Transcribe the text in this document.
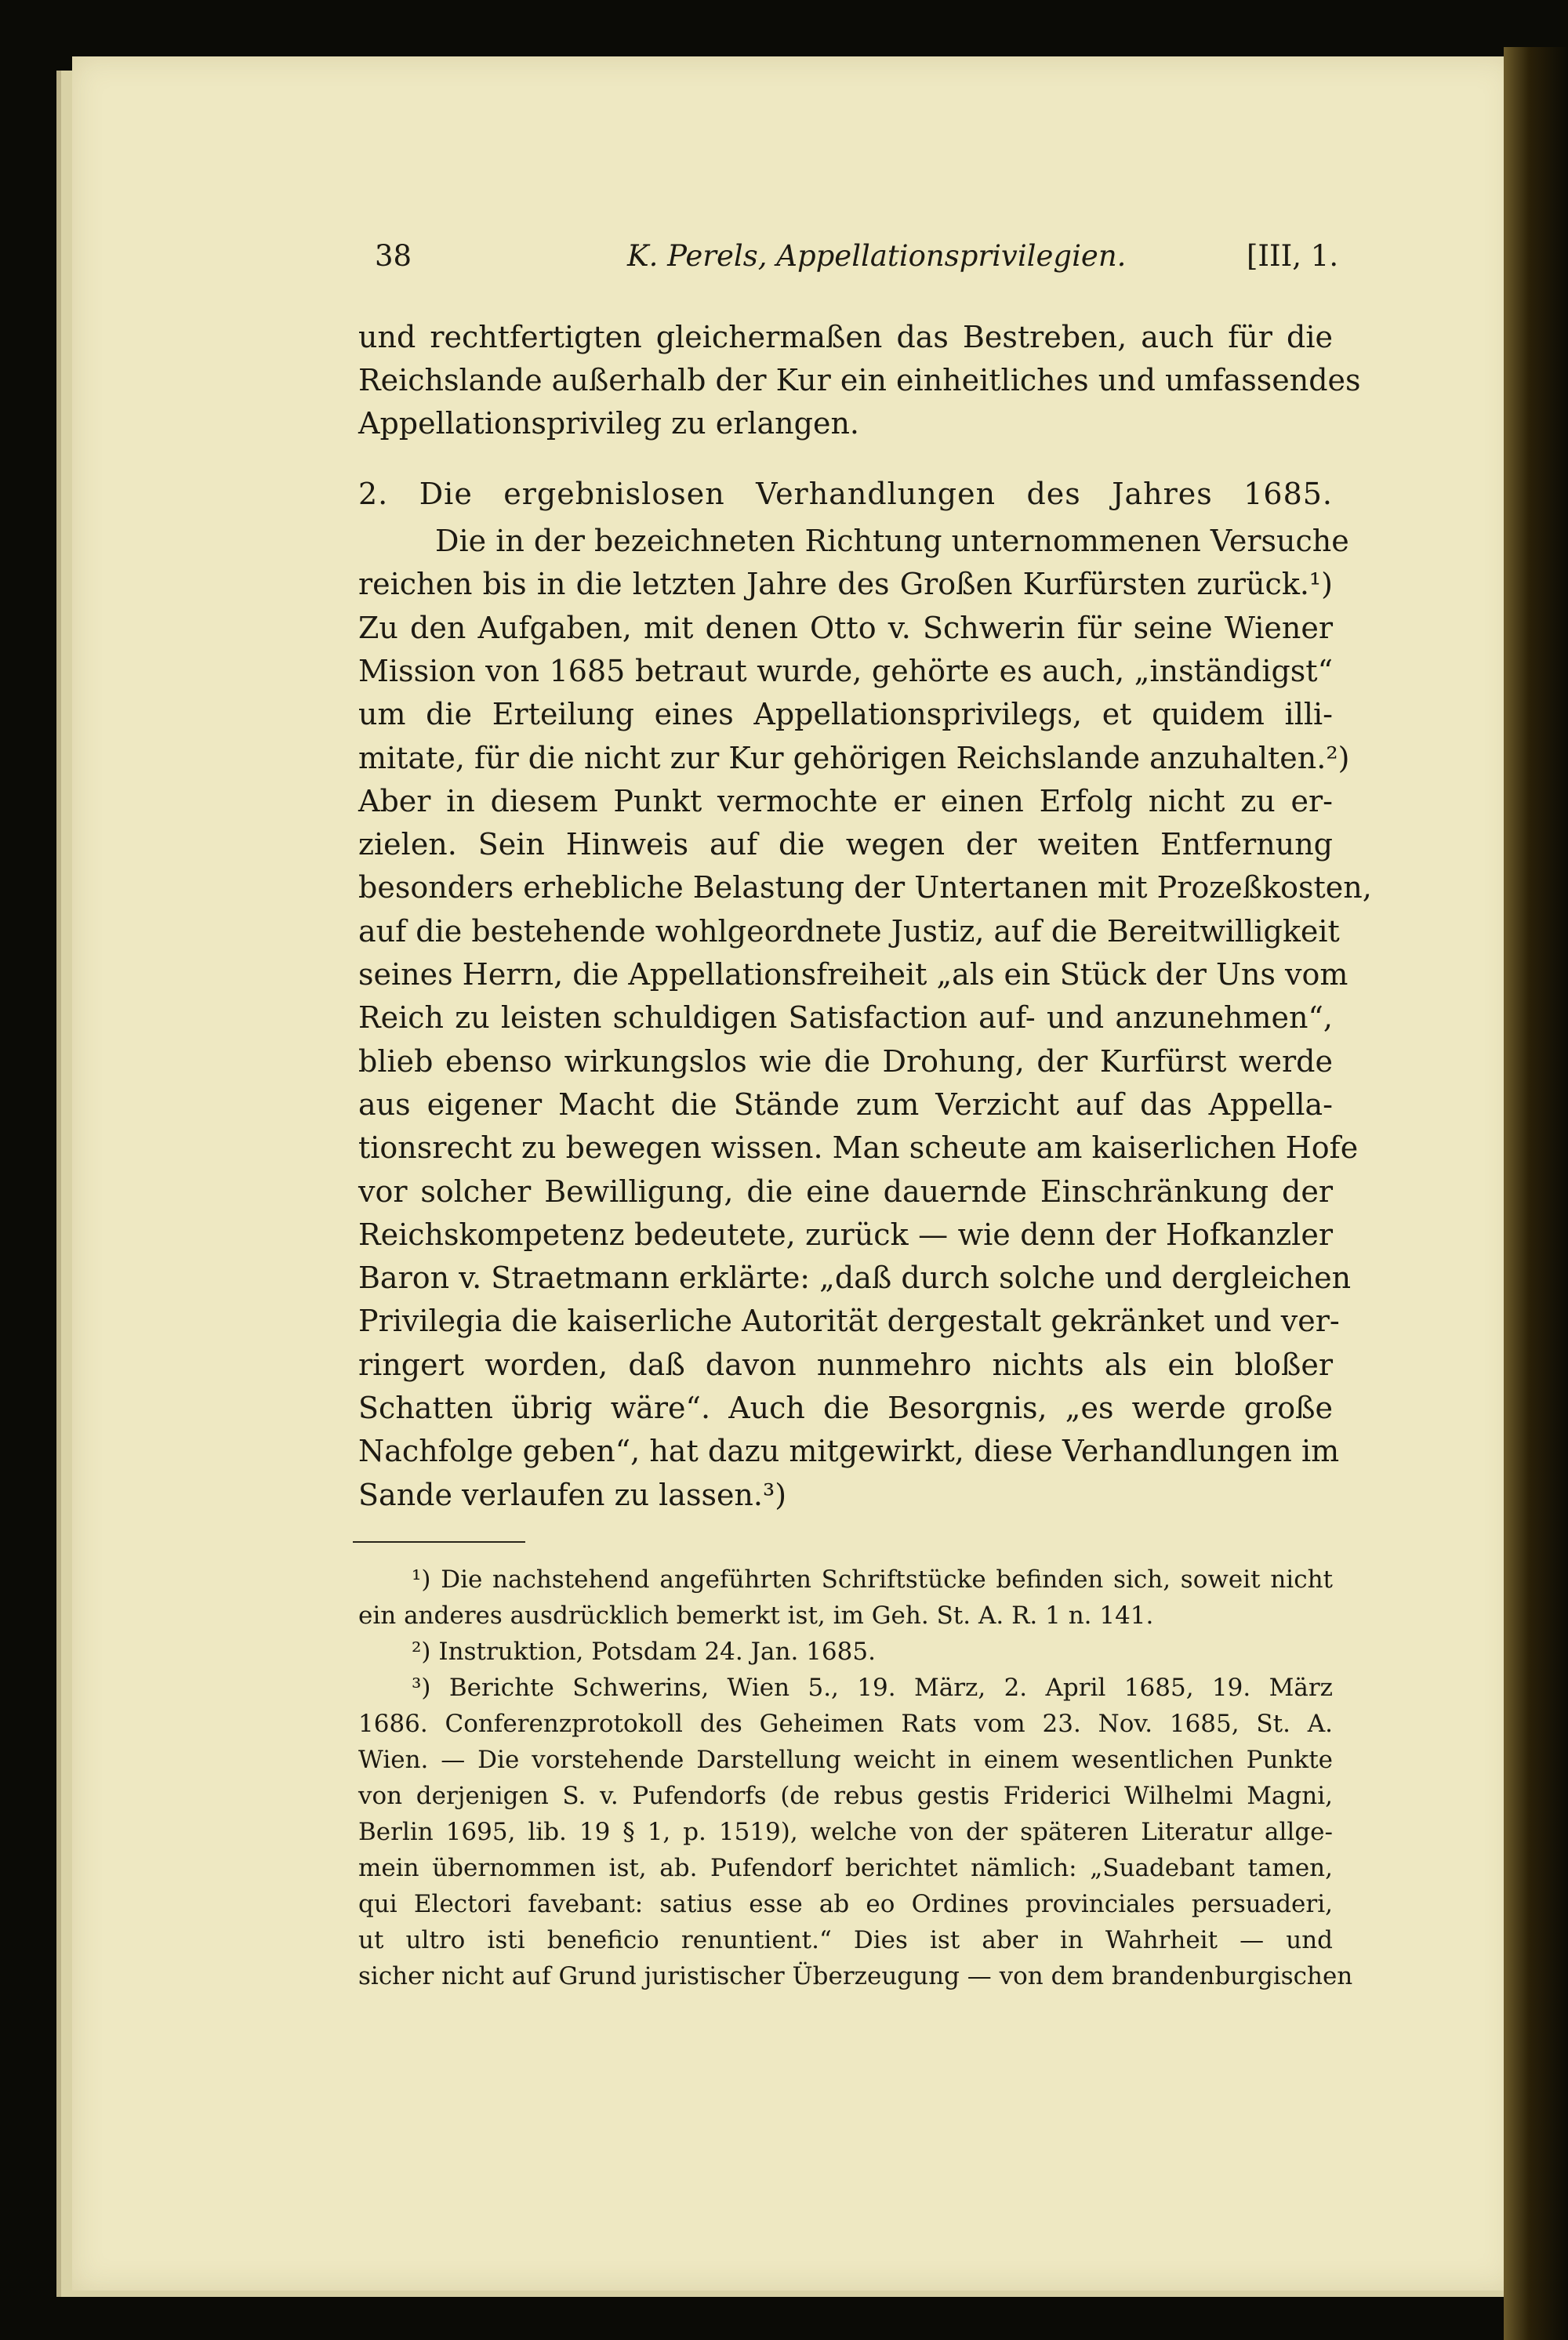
38	K. Perels, Appellationsprivilegien.	[III, 1.
und rechtfertigten gleichermaßen das Bestreben, auch für die
Reichslande außerhalb der Kur ein einheitliches und umfassendes
Appellationsprivileg zu erlangen.
2. Die ergebnislosen Verhandlungen des Jahres 1685.
Die in der bezeichneten Richtung unternommenen Versuche
reichen bis in die letzten Jahre des Großen Kurfürsten zurück.¹)
Zu den Aufgaben, mit denen Otto v. Schwerin für seine Wiener
Mission von 1685 betraut wurde, gehörte es auch, „inständigst“
um die Erteilung eines Appellationsprivilegs, et quidem illi-
mitate, für die nicht zur Kur gehörigen Reichslande anzuhalten.²)
Aber in diesem Punkt vermochte er einen Erfolg nicht zu er-
zielen. Sein Hinweis auf die wegen der weiten Entfernung
besonders erhebliche Belastung der Untertanen mit Prozeßkosten,
auf die bestehende wohlgeordnete Justiz, auf die Bereitwilligkeit
seines Herrn, die Appellationsfreiheit „als ein Stück der Uns vom
Reich zu leisten schuldigen Satisfaction auf- und anzunehmen“,
blieb ebenso wirkungslos wie die Drohung, der Kurfürst werde
aus eigener Macht die Stände zum Verzicht auf das Appella-
tionsrecht zu bewegen wissen. Man scheute am kaiserlichen Hofe
vor solcher Bewilligung, die eine dauernde Einschränkung der
Reichskompetenz bedeutete, zurück — wie denn der Hofkanzler
Baron v. Straetmann erklärte: „daß durch solche und dergleichen
Privilegia die kaiserliche Autorität dergestalt gekränket und ver-
ringert worden, daß davon nunmehro nichts als ein bloßer
Schatten übrig wäre“. Auch die Besorgnis, „es werde große
Nachfolge geben“, hat dazu mitgewirkt, diese Verhandlungen im
Sande verlaufen zu lassen.³)
¹) Die nachstehend angeführten Schriftstücke befinden sich, soweit nicht
ein anderes ausdrücklich bemerkt ist, im Geh. St. A. R. 1 n. 141.
²) Instruktion, Potsdam 24. Jan. 1685.
³) Berichte Schwerins, Wien 5., 19. März, 2. April 1685, 19. März
1686. Conferenzprotokoll des Geheimen Rats vom 23. Nov. 1685, St. A.
Wien. — Die vorstehende Darstellung weicht in einem wesentlichen Punkte
von derjenigen S. v. Pufendorfs (de rebus gestis Friderici Wilhelmi Magni,
Berlin 1695, lib. 19 § 1, p. 1519), welche von der späteren Literatur allge-
mein übernommen ist, ab. Pufendorf berichtet nämlich: „Suadebant tamen,
qui Electori favebant: satius esse ab eo Ordines provinciales persuaderi,
ut ultro isti beneficio renuntient.“ Dies ist aber in Wahrheit — und
sicher nicht auf Grund juristischer Überzeugung — von dem brandenburgischen
